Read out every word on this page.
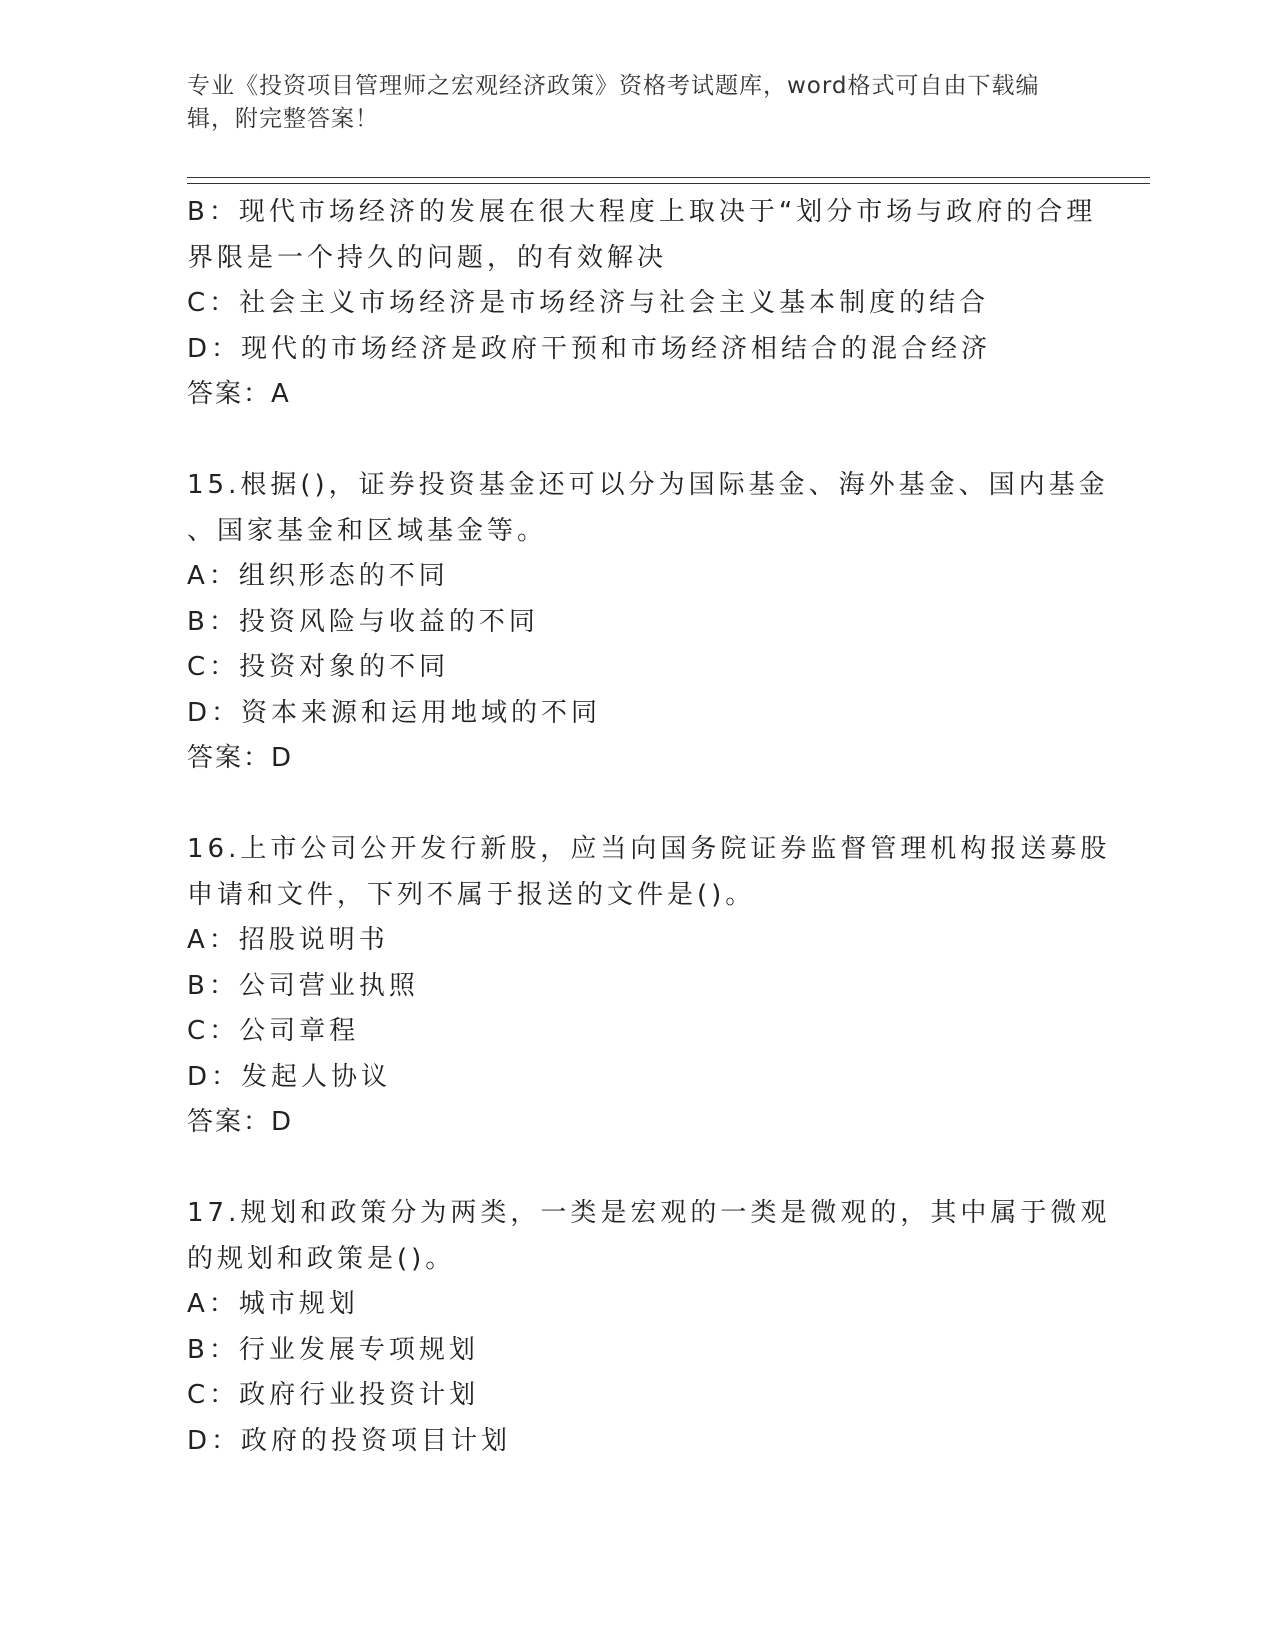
专业《投资项目管理师之宏观经济政策》资格考试题库，word格式可自由下载编
辑，附完整答案！
B：现代市场经济的发展在很大程度上取决于“划分市场与政府的合理
界限是一个持久的问题，的有效解决
C：社会主义市场经济是市场经济与社会主义基本制度的结合
D：现代的市场经济是政府干预和市场经济相结合的混合经济
答案：A
15.根据()，证券投资基金还可以分为国际基金、海外基金、国内基金
、国家基金和区域基金等。
A：组织形态的不同
B：投资风险与收益的不同
C：投资对象的不同
D：资本来源和运用地域的不同
答案：D
16.上市公司公开发行新股，应当向国务院证券监督管理机构报送募股
申请和文件，下列不属于报送的文件是()。
A：招股说明书
B：公司营业执照
C：公司章程
D：发起人协议
答案：D
17.规划和政策分为两类，一类是宏观的一类是微观的，其中属于微观
的规划和政策是()。
A：城市规划
B：行业发展专项规划
C：政府行业投资计划
D：政府的投资项目计划
